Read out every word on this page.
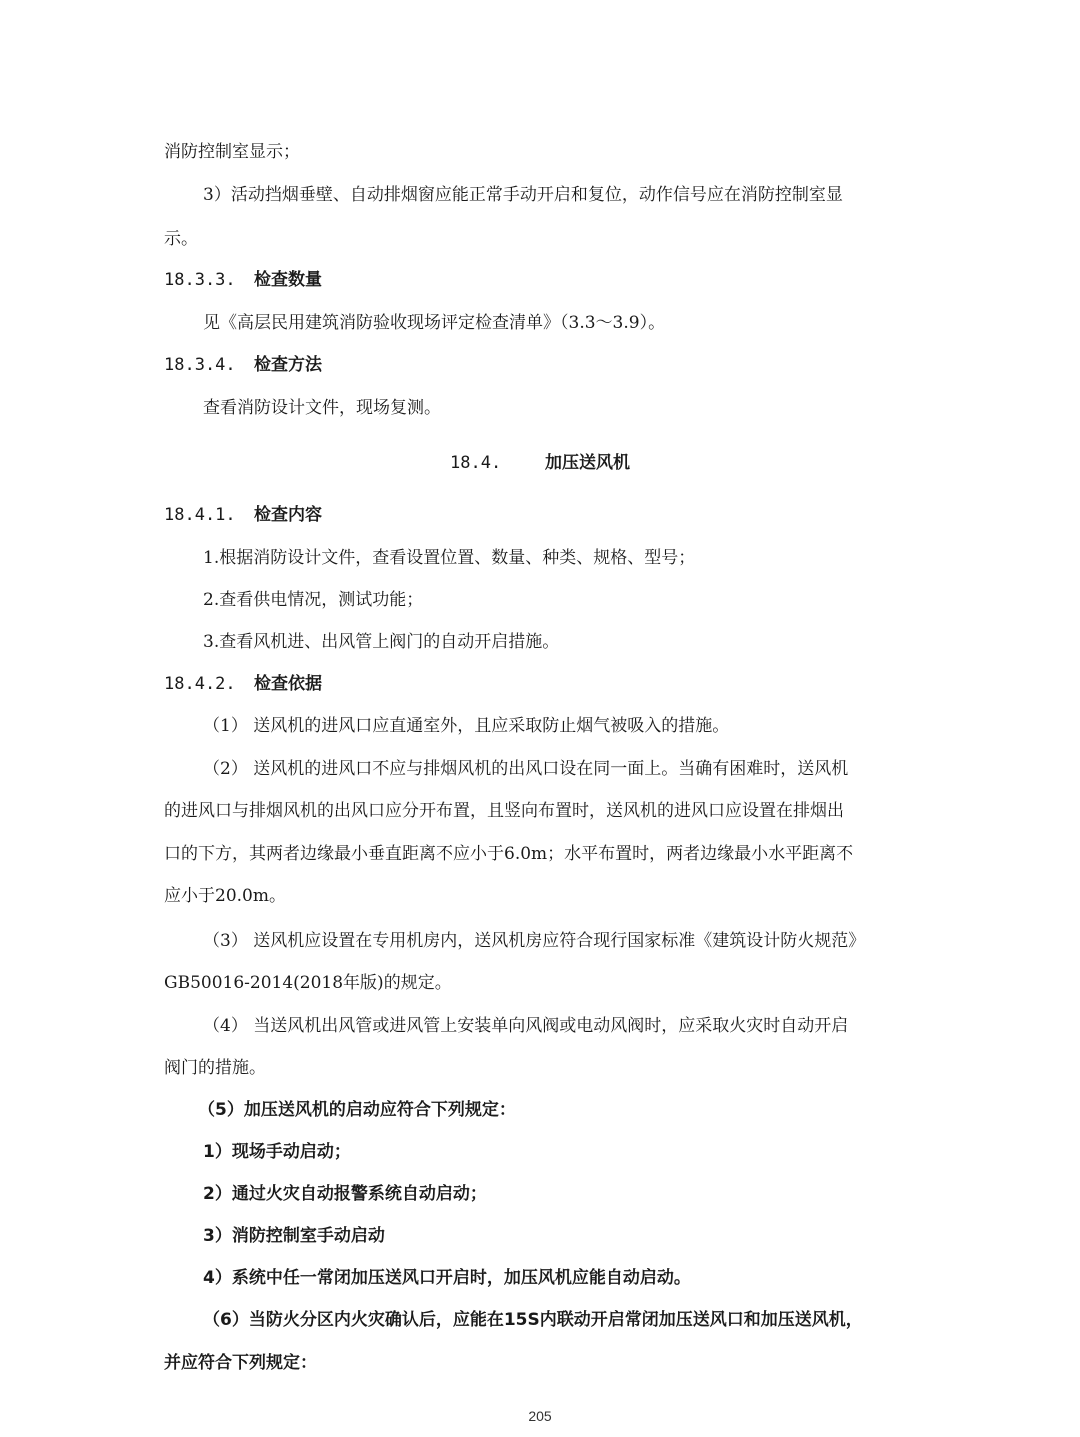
消防控制室显示；
3）活动挡烟垂壁、自动排烟窗应能正常手动开启和复位，动作信号应在消防控制室显
示。
18.3.3. 检查数量
见《高层民用建筑消防验收现场评定检查清单》（3.3～3.9）。
18.3.4. 检查方法
查看消防设计文件，现场复测。
18.4.	加压送风机
18.4.1. 检查内容
1.根据消防设计文件，查看设置位置、数量、种类、规格、型号；
2.查看供电情况，测试功能；
3.查看风机进、出风管上阀门的自动开启措施。
18.4.2. 检查依据
（1） 送风机的进风口应直通室外，且应采取防止烟气被吸入的措施。
（2） 送风机的进风口不应与排烟风机的出风口设在同一面上。当确有困难时，送风机
的进风口与排烟风机的出风口应分开布置，且竖向布置时，送风机的进风口应设置在排烟出
口的下方，其两者边缘最小垂直距离不应小于6.0m；水平布置时，两者边缘最小水平距离不
应小于20.0m。
（3） 送风机应设置在专用机房内，送风机房应符合现行国家标准《建筑设计防火规范》
GB50016-2014(2018年版)的规定。
（4） 当送风机出风管或进风管上安装单向风阀或电动风阀时，应采取火灾时自动开启
阀门的措施。
（5）加压送风机的启动应符合下列规定：
1）现场手动启动；
2）通过火灾自动报警系统自动启动；
3）消防控制室手动启动
4）系统中任一常闭加压送风口开启时，加压风机应能自动启动。
（6）当防火分区内火灾确认后，应能在15S内联动开启常闭加压送风口和加压送风机，
并应符合下列规定：
205
